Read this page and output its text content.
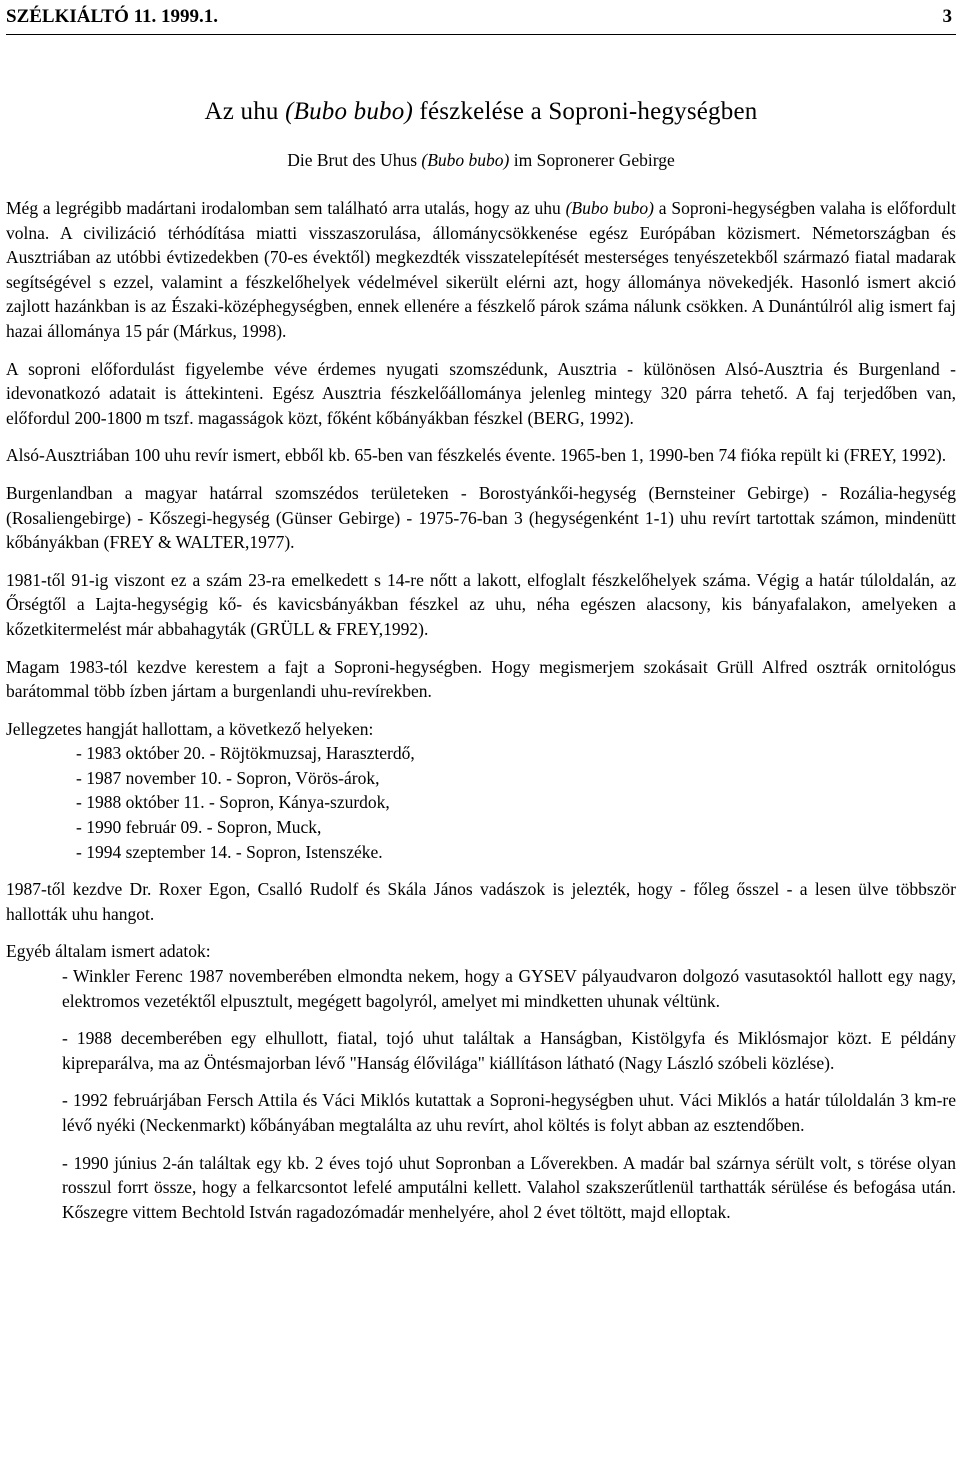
SZÉLKIÁLTÓ 11. 1999.1.	3
Az uhu (Bubo bubo) fészkelése a Soproni-hegységben
Die Brut des Uhus (Bubo bubo) im Sopronerer Gebirge

Még a legrégibb madártani irodalomban sem található arra utalás, hogy az uhu (Bubo bubo) a Soproni-hegységben valaha is előfordult volna. A civilizáció térhódítása miatti visszaszorulása, állománycsökkenése egész Európában közismert. Németországban és Ausztriában az utóbbi évtizedekben (70-es évektől) megkezdték visszatelepítését mesterséges tenyészetekből származó fiatal madarak segítségével s ezzel, valamint a fészkelőhelyek védelmével sikerült elérni azt, hogy állománya növekedjék. Hasonló ismert akció zajlott hazánkban is az Északi-középhegységben, ennek ellenére a fészkelő párok száma nálunk csökken. A Dunántúlról alig ismert faj hazai állománya 15 pár (Márkus, 1998).

A soproni előfordulást figyelembe véve érdemes nyugati szomszédunk, Ausztria - különösen Alsó-Ausztria és Burgenland - idevonatkozó adatait is áttekinteni. Egész Ausztria fészkelőállománya jelenleg mintegy 320 párra tehető. A faj terjedőben van, előfordul 200-1800 m tszf. magasságok közt, főként kőbányákban fészkel (BERG, 1992).

Alsó-Ausztriában 100 uhu revír ismert, ebből kb. 65-ben van fészkelés évente. 1965-ben 1, 1990-ben 74 fióka repült ki (FREY, 1992).

Burgenlandban a magyar határral szomszédos területeken - Borostyánkői-hegység (Bernsteiner Gebirge) - Rozália-hegység (Rosaliengebirge) - Kőszegi-hegység (Günser Gebirge) - 1975-76-ban 3 (hegységenként 1-1) uhu revírt tartottak számon, mindenütt kőbányákban (FREY & WALTER,1977).

1981-től 91-ig viszont ez a szám 23-ra emelkedett s 14-re nőtt a lakott, elfoglalt fészkelőhelyek száma. Végig a határ túloldalán, az Őrségtől a Lajta-hegységig kő- és kavicsbányákban fészkel az uhu, néha egészen alacsony, kis bányafalakon, amelyeken a kőzetkitermelést már abbahagyták (GRÜLL & FREY,1992).

Magam 1983-tól kezdve kerestem a fajt a Soproni-hegységben. Hogy megismerjem szokásait Grüll Alfred osztrák ornitológus barátommal több ízben jártam a burgenlandi uhu-revírekben.

Jellegzetes hangját hallottam, a következő helyeken:

- 1983 október 20. - Röjtökmuzsaj, Haraszterdő,
- 1987 november 10. - Sopron, Vörös-árok,
- 1988 október 11. - Sopron, Kánya-szurdok,
- 1990 február 09. - Sopron, Muck,
- 1994 szeptember 14. - Sopron, Istenszéke.

1987-től kezdve Dr. Roxer Egon, Csalló Rudolf és Skála János vadászok is jelezték, hogy - főleg ősszel - a lesen ülve többször hallották uhu hangot.

Egyéb általam ismert adatok:

- Winkler Ferenc 1987 novemberében elmondta nekem, hogy a GYSEV pályaudvaron dolgozó vasutasoktól hallott egy nagy, elektromos vezetéktől elpusztult, megégett bagolyról, amelyet mi mindketten uhunak véltünk.

- 1988 decemberében egy elhullott, fiatal, tojó uhut találtak a Hanságban, Kistölgyfa és Miklósmajor közt. E példány kipreparálva, ma az Öntésmajorban lévő "Hanság élővilága" kiállításon látható (Nagy László szóbeli közlése).

- 1992 februárjában Fersch Attila és Váci Miklós kutattak a Soproni-hegységben uhut. Váci Miklós a határ túloldalán 3 km-re lévő nyéki (Neckenmarkt) kőbányában megtalálta az uhu revírt, ahol költés is folyt abban az esztendőben.

- 1990 június 2-án találtak egy kb. 2 éves tojó uhut Sopronban a Lőverekben. A madár bal szárnya sérült volt, s törése olyan rosszul forrt össze, hogy a felkarcsontot lefelé amputálni kellett. Valahol szakszerűtlenül tarthatták sérülése és befogása után. Kőszegre vittem Bechtold István ragadozómadár menhelyére, ahol 2 évet töltött, majd elloptak.
